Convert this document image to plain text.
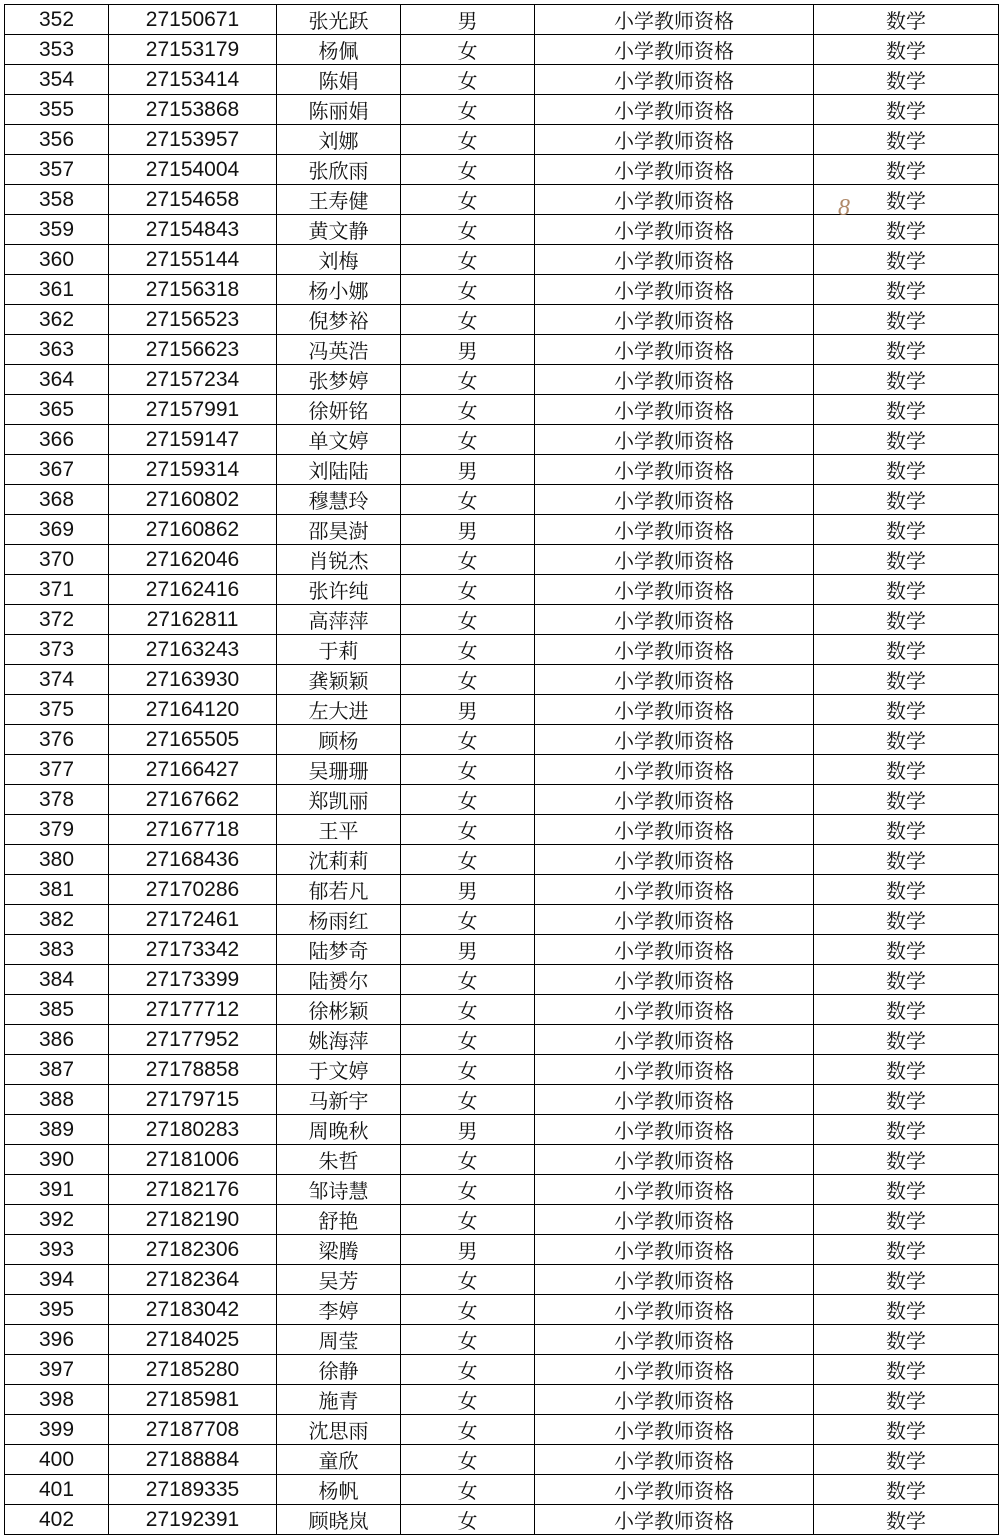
352	27150671	张光跃	男	小学教师资格	数学
353	27153179	杨佩	女	小学教师资格	数学
354	27153414	陈娟	女	小学教师资格	数学
355	27153868	陈丽娟	女	小学教师资格	数学
356	27153957	刘娜	女	小学教师资格	数学
357	27154004	张欣雨	女	小学教师资格	数学
358	27154658	王寿健	女	小学教师资格	数学
359	27154843	黄文静	女	小学教师资格	数学
360	27155144	刘梅	女	小学教师资格	数学
361	27156318	杨小娜	女	小学教师资格	数学
362	27156523	倪梦裕	女	小学教师资格	数学
363	27156623	冯英浩	男	小学教师资格	数学
364	27157234	张梦婷	女	小学教师资格	数学
365	27157991	徐妍铭	女	小学教师资格	数学
366	27159147	单文婷	女	小学教师资格	数学
367	27159314	刘陆陆	男	小学教师资格	数学
368	27160802	穆慧玲	女	小学教师资格	数学
369	27160862	邵昊澍	男	小学教师资格	数学
370	27162046	肖锐杰	女	小学教师资格	数学
371	27162416	张许纯	女	小学教师资格	数学
372	27162811	高萍萍	女	小学教师资格	数学
373	27163243	于莉	女	小学教师资格	数学
374	27163930	龚颖颖	女	小学教师资格	数学
375	27164120	左大进	男	小学教师资格	数学
376	27165505	顾杨	女	小学教师资格	数学
377	27166427	吴珊珊	女	小学教师资格	数学
378	27167662	郑凯丽	女	小学教师资格	数学
379	27167718	王平	女	小学教师资格	数学
380	27168436	沈莉莉	女	小学教师资格	数学
381	27170286	郁若凡	男	小学教师资格	数学
382	27172461	杨雨红	女	小学教师资格	数学
383	27173342	陆梦奇	男	小学教师资格	数学
384	27173399	陆赟尔	女	小学教师资格	数学
385	27177712	徐彬颖	女	小学教师资格	数学
386	27177952	姚海萍	女	小学教师资格	数学
387	27178858	于文婷	女	小学教师资格	数学
388	27179715	马新宇	女	小学教师资格	数学
389	27180283	周晚秋	男	小学教师资格	数学
390	27181006	朱哲	女	小学教师资格	数学
391	27182176	邹诗慧	女	小学教师资格	数学
392	27182190	舒艳	女	小学教师资格	数学
393	27182306	梁腾	男	小学教师资格	数学
394	27182364	吴芳	女	小学教师资格	数学
395	27183042	李婷	女	小学教师资格	数学
396	27184025	周莹	女	小学教师资格	数学
397	27185280	徐静	女	小学教师资格	数学
398	27185981	施青	女	小学教师资格	数学
399	27187708	沈思雨	女	小学教师资格	数学
400	27188884	童欣	女	小学教师资格	数学
401	27189335	杨帆	女	小学教师资格	数学
402	27192391	顾晓岚	女	小学教师资格	数学
8
